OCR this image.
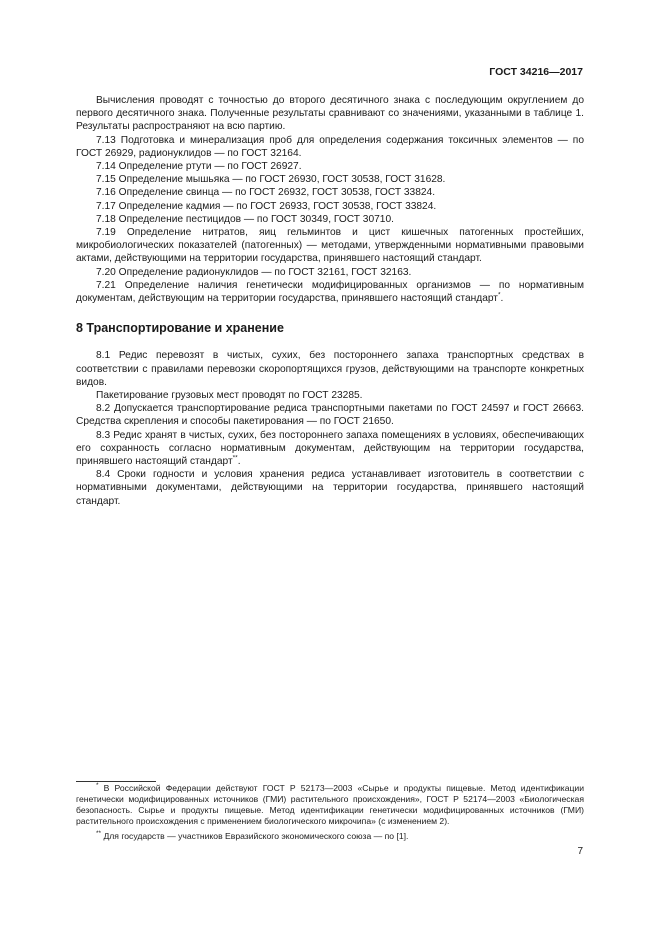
ГОСТ 34216—2017

Вычисления проводят с точностью до второго десятичного знака с последующим округлением до первого десятичного знака. Полученные результаты сравнивают со значениями, указанными в таблице 1. Результаты распространяют на всю партию.

7.13 Подготовка и минерализация проб для определения содержания токсичных элементов — по ГОСТ 26929, радионуклидов — по ГОСТ 32164.

7.14 Определение ртути — по ГОСТ 26927.

7.15 Определение мышьяка — по ГОСТ 26930, ГОСТ 30538, ГОСТ 31628.

7.16 Определение свинца — по ГОСТ 26932, ГОСТ 30538, ГОСТ 33824.

7.17 Определение кадмия — по ГОСТ 26933, ГОСТ 30538, ГОСТ 33824.

7.18 Определение пестицидов — по ГОСТ 30349, ГОСТ 30710.

7.19 Определение нитратов, яиц гельминтов и цист кишечных патогенных простейших, микробиологических показателей (патогенных) — методами, утвержденными нормативными правовыми актами, действующими на территории государства, принявшего настоящий стандарт.

7.20 Определение радионуклидов — по ГОСТ 32161, ГОСТ 32163.

7.21 Определение наличия генетически модифицированных организмов — по нормативным документам, действующим на территории государства, принявшего настоящий стандарт*.

8 Транспортирование и хранение

8.1 Редис перевозят в чистых, сухих, без постороннего запаха транспортных средствах в соответствии с правилами перевозки скоропортящихся грузов, действующими на транспорте конкретных видов.

Пакетирование грузовых мест проводят по ГОСТ 23285.

8.2 Допускается транспортирование редиса транспортными пакетами по ГОСТ 24597 и ГОСТ 26663. Средства скрепления и способы пакетирования — по ГОСТ 21650.

8.3 Редис хранят в чистых, сухих, без постороннего запаха помещениях в условиях, обеспечивающих его сохранность согласно нормативным документам, действующим на территории государства, принявшего настоящий стандарт**.

8.4 Сроки годности и условия хранения редиса устанавливает изготовитель в соответствии с нормативными документами, действующими на территории государства, принявшего настоящий стандарт.

* В Российской Федерации действуют ГОСТ Р 52173—2003 «Сырье и продукты пищевые. Метод идентификации генетически модифицированных источников (ГМИ) растительного происхождения», ГОСТ Р 52174—2003 «Биологическая безопасность. Сырье и продукты пищевые. Метод идентификации генетически модифицированных источников (ГМИ) растительного происхождения с применением биологического микрочипа» (с изменением 2).

** Для государств — участников Евразийского экономического союза — по [1].

7
